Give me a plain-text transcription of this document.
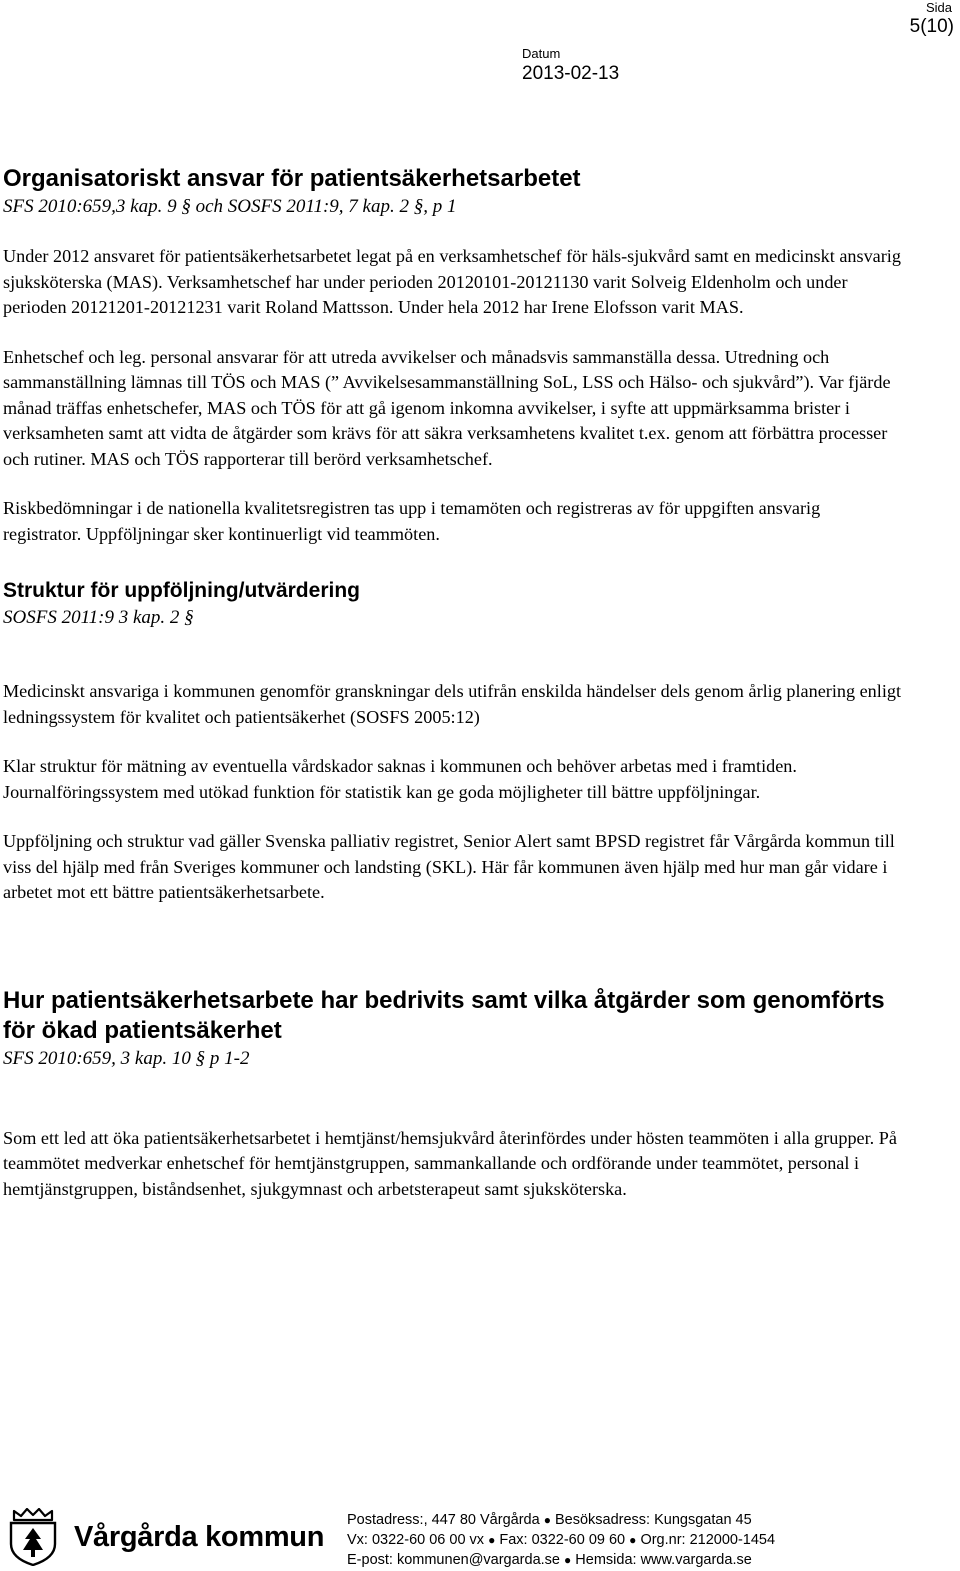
Sida
5(10)
Datum
2013-02-13
Organisatoriskt ansvar för patientsäkerhetsarbetet
SFS 2010:659,3 kap. 9 § och SOSFS 2011:9, 7 kap. 2 §, p 1

Under 2012 ansvaret för patientsäkerhetsarbetet legat på en verksamhetschef för häls-sjukvård samt en medicinskt ansvarig sjuksköterska (MAS). Verksamhetschef har under perioden 20120101-20121130 varit Solveig Eldenholm och under perioden 20121201-20121231 varit Roland Mattsson. Under hela 2012 har Irene Elofsson varit MAS.

Enhetschef och leg. personal ansvarar för att utreda avvikelser och månadsvis sammanställa dessa. Utredning och sammanställning lämnas till TÖS och MAS (” Avvikelsesammanställning SoL, LSS och Hälso- och sjukvård”). Var fjärde månad träffas enhetschefer, MAS och TÖS för att gå igenom inkomna avvikelser, i syfte att uppmärksamma brister i verksamheten samt att vidta de åtgärder som krävs för att säkra verksamhetens kvalitet t.ex. genom att förbättra processer och rutiner. MAS och TÖS rapporterar till berörd verksamhetschef.

Riskbedömningar i de nationella kvalitetsregistren tas upp i temamöten och registreras av för uppgiften ansvarig registrator. Uppföljningar sker kontinuerligt vid teammöten.

Struktur för uppföljning/utvärdering
SOSFS 2011:9 3 kap. 2 §

Medicinskt ansvariga i kommunen genomför granskningar dels utifrån enskilda händelser dels genom årlig planering enligt ledningssystem för kvalitet och patientsäkerhet (SOSFS 2005:12)

Klar struktur för mätning av eventuella vårdskador saknas i kommunen och behöver arbetas med i framtiden. Journalföringssystem med utökad funktion för statistik kan ge goda möjligheter till bättre uppföljningar.

Uppföljning och struktur vad gäller Svenska palliativ registret, Senior Alert samt BPSD registret får Vårgårda kommun till viss del hjälp med från Sveriges kommuner och landsting (SKL). Här får kommunen även hjälp med hur man går vidare i arbetet mot ett bättre patientsäkerhetsarbete.

Hur patientsäkerhetsarbete har bedrivits samt vilka åtgärder som genomförts för ökad patientsäkerhet
SFS 2010:659, 3 kap. 10 § p 1-2

Som ett led att öka patientsäkerhetsarbetet i hemtjänst/hemsjukvård återinfördes under hösten teammöten i alla grupper. På teammötet medverkar enhetschef för hemtjänstgruppen, sammankallande och ordförande under teammötet, personal i hemtjänstgruppen, biståndsenhet, sjukgymnast och arbetsterapeut samt sjuksköterska.

Vårgårda kommun
Postadress:, 447 80 Vårgårda ● Besöksadress: Kungsgatan 45
Vx: 0322-60 06 00 vx ● Fax: 0322-60 09 60 ● Org.nr: 212000-1454
E-post: kommunen@vargarda.se ● Hemsida: www.vargarda.se
